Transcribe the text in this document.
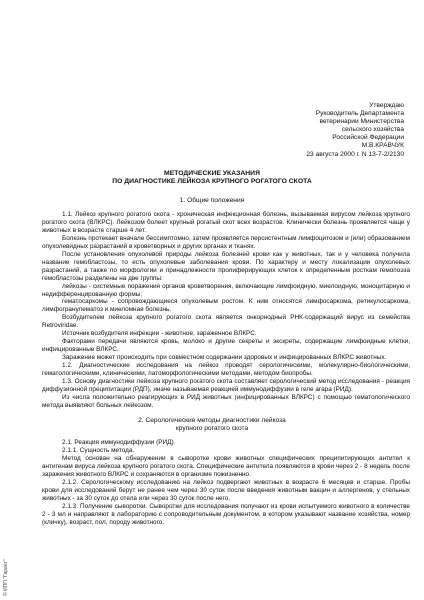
Утверждаю
Руководитель Департамента
ветеринарии Министерства
сельского хозяйства
Российской Федерации
М.В.КРАВЧУК
23 августа 2000 г. N 13-7-2/2130
МЕТОДИЧЕСКИЕ УКАЗАНИЯ
ПО ДИАГНОСТИКЕ ЛЕЙКОЗА КРУПНОГО РОГАТОГО СКОТА
1. Общие положения

1.1. Лейкоз крупного рогатого скота - хроническая инфекционная болезнь, вызываемая вирусом лейкоза крупного рогатого скота (ВЛКРС). Лейкозом болеет крупный рогатый скот всех возрастов. Клинически болезнь проявляется чаще у животных в возрасте старше 4 лет.

Болезнь протекает вначале бессимптомно, затем проявляется персистентным лимфоцитозом и (или) образованием опухолевидных разрастаний в кроветворных и других органах и тканях.

После установления опухолевой природы лейкоза болезней крови как у животных, так и у человека получила название гемобластозы, то есть опухолевые заболевания крови. По характеру и месту локализации опухолевых разрастаний, а также по морфологии и принадлежности пролиферирующих клеток к определенным росткам гемопоэза гемобластозы разделены на две группы:

лейкозы - системные поражения органов кроветворения, включающие лимфоидную, миелоидную, моноцитарную и недифференцированную формы;

гематосаркомы - сопровождающиеся опухолевым ростом. К ним относятся лимфосаркома, ретикулосаркома, лимфогранулематоз и миеломная болезнь.

Возбудителем лейкоза крупного рогатого скота является онкорнодный РНК-содержащий вирус из семейства Retroviridae.

Источник возбудителя инфекции - животное, зараженное ВЛКРС.

Факторами передачи являются кровь, молоко и другие секреты и экскреты, содержащие лимфоидные клетки, инфицированные ВЛКРС.

Заражение может происходить при совместном содержании здоровых и инфицированных ВЛКРС животных.

1.2. Диагностические исследования на лейкоз проводят серологическими, молекулярно-биологическими, гематологическими, клиническими, патоморфологическими методами, методом биопробы.

1.3. Основу диагностики лейкоза крупного рогатого скота составляет серологический метод исследования - реакция диффузионной преципитации (РДП), иначе называемая реакцией иммунодиффузии в геле агара (РИД).

Из числа положительно реагирующих в РИД животных (инфицированных ВЛКРС) с помощью гематологического метода выявляют больных лейкозом.

2. Серологические методы диагностики лейкоза
крупного рогатого скота

2.1. Реакция иммунодиффузии (РИД).

2.1.1. Сущность метода.

Метод основан на обнаружении в сыворотке крови животных специфических преципитирующих антител к антигенам вируса лейкоза крупного рогатого скота. Специфические антитела появляются в крови через 2 - 8 недель после заражения животного ВЛКРС и сохраняются в организме пожизненно.

2.1.2. Серологическому исследованию на лейкоз подвергают животных в возрасте 6 месяцев и старше. Пробы крови для исследований берут не ранее чем через 30 суток после введения животным вакцин и аллергенов, у стельных животных - за 30 суток до отела или через 30 суток после него.

2.1.3. Получение сыворотки. Сыворотки для исследования получают из крови испытуемого животного в количестве 2 - 3 мл и направляют в лабораторию с сопроводительным документом, в котором указывают название хозяйства, номер (кличку), возраст, пол, породу животного.

© ИПП "Гарант"
